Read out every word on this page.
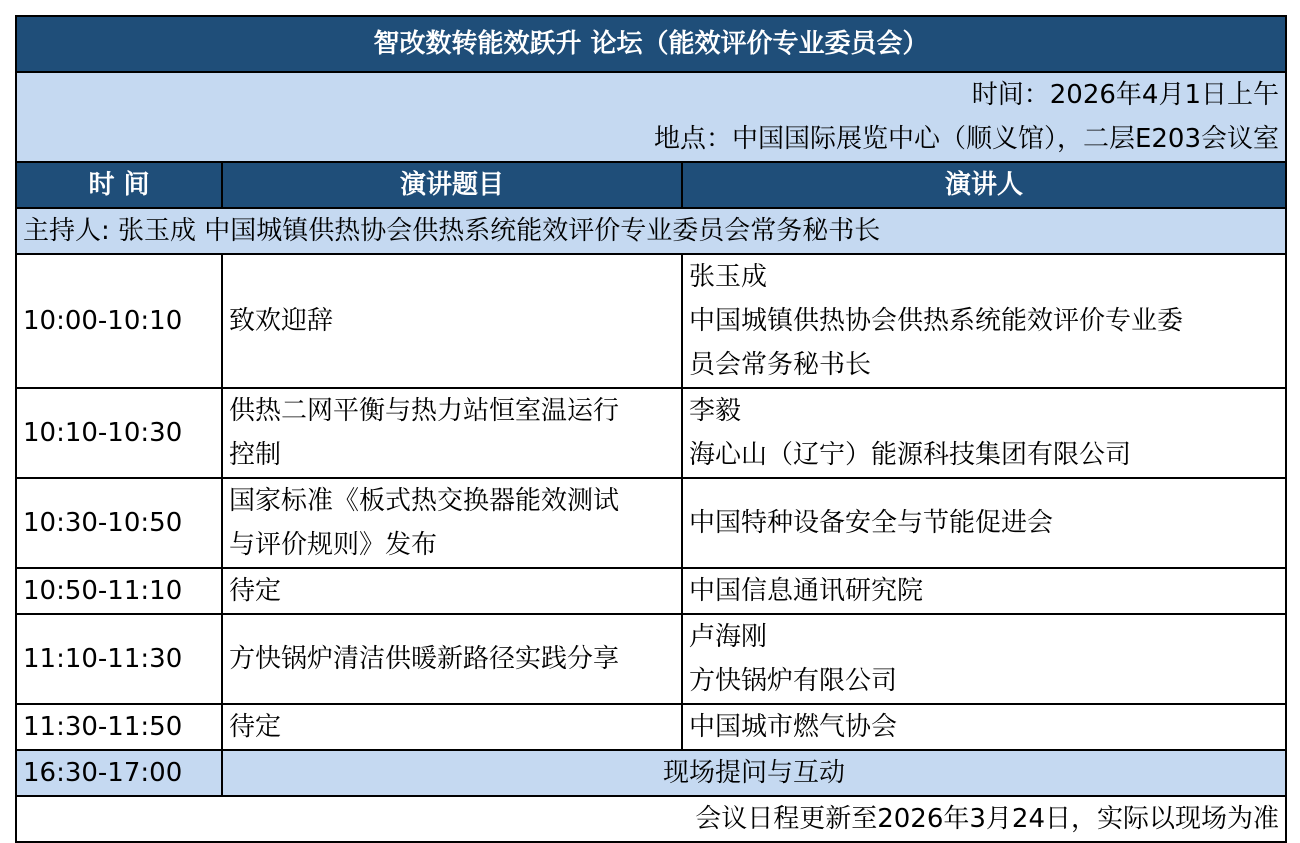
智改数转能效跃升 论坛（能效评价专业委员会）		

时间：2026年4月1日上午
地点：中国国际展览中心（顺义馆），二层E203会议室		

时 间	演讲题目	演讲人
主持人: 张玉成 中国城镇供热协会供热系统能效评价专业委员会常务秘书长		
10:00-10:10	致欢迎辞	张玉成
中国城镇供热协会供热系统能效评价专业委
员会常务秘书长

10:10-10:30	供热二网平衡与热力站恒室温运行
控制	李毅
海心山（辽宁）能源科技集团有限公司

10:30-10:50	国家标准《板式热交换器能效测试
与评价规则》发布	中国特种设备安全与节能促进会

10:50-11:10	待定	中国信息通讯研究院

11:10-11:30	方快锅炉清洁供暖新路径实践分享	卢海刚
方快锅炉有限公司

11:30-11:50	待定	中国城市燃气协会

16:30-17:00	现场提问与互动	
会议日程更新至2026年3月24日，实际以现场为准		
